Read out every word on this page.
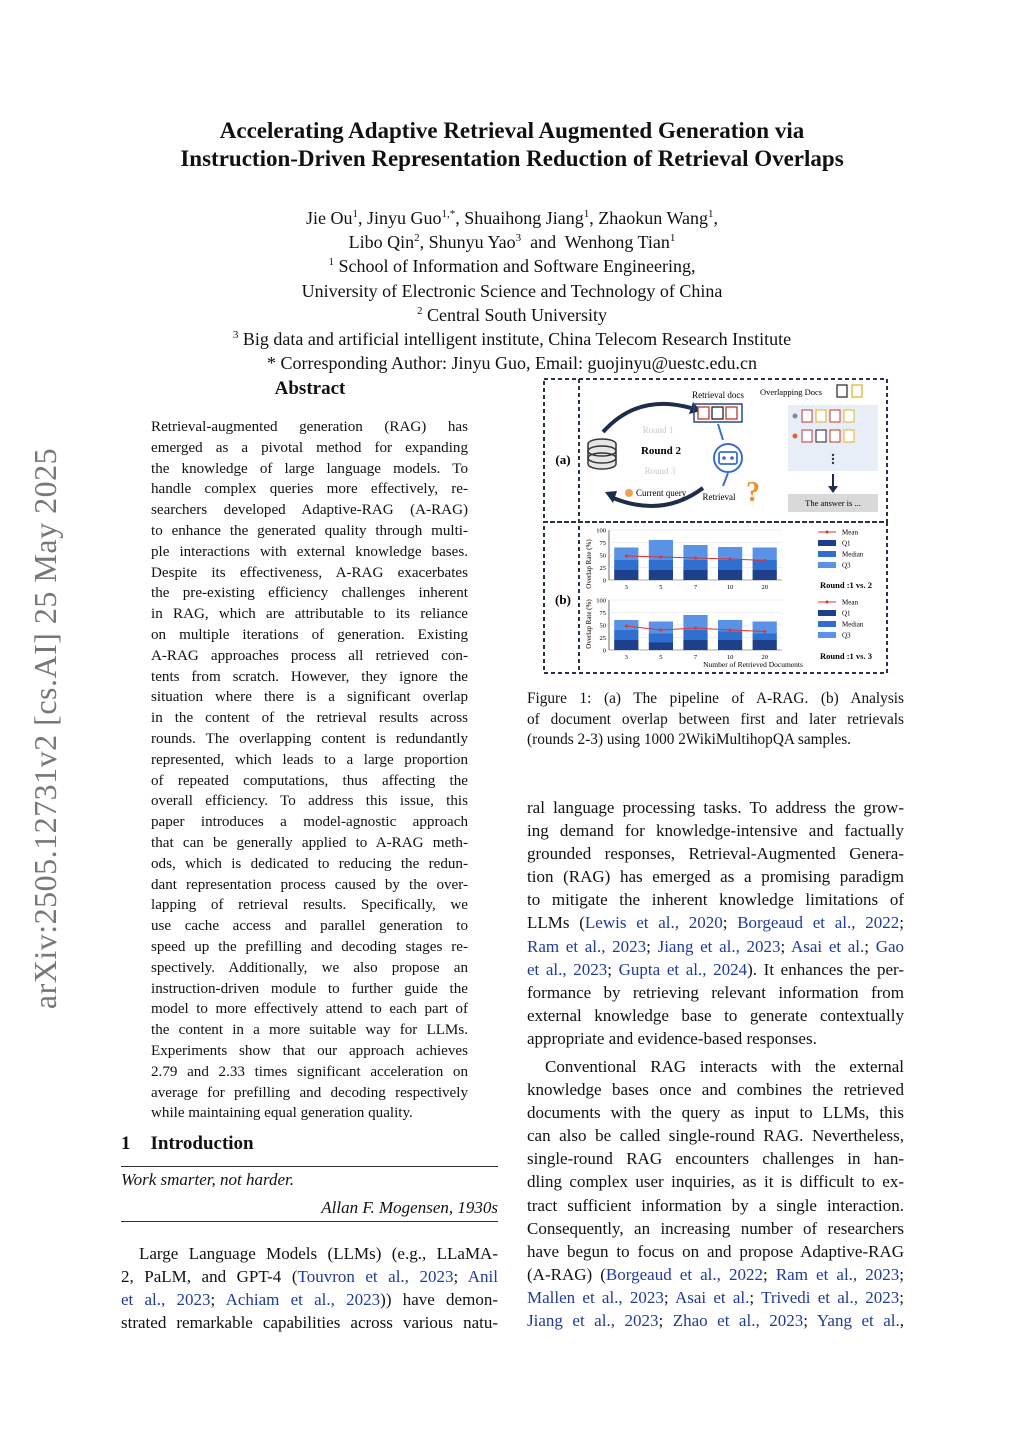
Accelerating Adaptive Retrieval Augmented Generation via
Instruction-Driven Representation Reduction of Retrieval Overlaps
Jie Ou$^1$, Jinyu Guo$^{1,*}$, Shuaihong Jiang$^1$, Zhaokun Wang$^1$,
Libo Qin$^2$, Shunyu Yao$^3$  and  Wenhong Tian$^1$
$^1$ School of Information and Software Engineering,
University of Electronic Science and Technology of China
$^2$ Central South University
$^3$ Big data and artificial intelligent institute, China Telecom Research Institute
* Corresponding Author: Jinyu Guo, Email: guojinyu@uestc.edu.cn
arXiv:2505.12731v2 [cs.AI] 25 May 2025
Abstract
Retrieval-augmented generation (RAG) has
emerged as a pivotal method for expanding
the knowledge of large language models. To
handle complex queries more effectively, re-
searchers developed Adaptive-RAG (A-RAG)
to enhance the generated quality through multi-
ple interactions with external knowledge bases.
Despite its effectiveness, A-RAG exacerbates
the pre-existing efficiency challenges inherent
in RAG, which are attributable to its reliance
on multiple iterations of generation. Existing
A-RAG approaches process all retrieved con-
tents from scratch. However, they ignore the
situation where there is a significant overlap
in the content of the retrieval results across
rounds. The overlapping content is redundantly
represented, which leads to a large proportion
of repeated computations, thus affecting the
overall efficiency. To address this issue, this
paper introduces a model-agnostic approach
that can be generally applied to A-RAG meth-
ods, which is dedicated to reducing the redun-
dant representation process caused by the over-
lapping of retrieval results. Specifically, we
use cache access and parallel generation to
speed up the prefilling and decoding stages re-
spectively. Additionally, we also propose an
instruction-driven module to further guide the
model to more effectively attend to each part of
the content in a more suitable way for LLMs.
Experiments show that our approach achieves
2.79 and 2.33 times significant acceleration on
average for prefilling and decoding respectively
while maintaining equal generation quality.
1 Introduction
Work smarter, not harder.
Allan F. Mogensen, 1930s
Large Language Models (LLMs) (e.g., LLaMA-
2, PaLM, and GPT-4 (Touvron et al., 2023; Anil
et al., 2023; Achiam et al., 2023)) have demon-
strated remarkable capabilities across various natu-
(a)
(b)
Round 1
Round 2
Round 3
Current query
Retrieval docs
Retrieval ?
Overlapping Docs
The answer is ...
Overlap Rate (%)
Overlap Rate (%)
0
25
50
75
100
3	5	7	10	20
0
25
50
75
100
3	5	7	10	20
Number of Retrieved Documents
Mean
Q1
Median
Q3
Mean
Q1
Median
Q3
Round :1 vs. 2
Round :1 vs. 3
Figure 1: (a) The pipeline of A-RAG. (b) Analysis
of document overlap between first and later retrievals
(rounds 2-3) using 1000 2WikiMultihopQA samples.
ral language processing tasks. To address the grow-
ing demand for knowledge-intensive and factually
grounded responses, Retrieval-Augmented Genera-
tion (RAG) has emerged as a promising paradigm
to mitigate the inherent knowledge limitations of
LLMs (Lewis et al., 2020; Borgeaud et al., 2022;
Ram et al., 2023; Jiang et al., 2023; Asai et al.; Gao
et al., 2023; Gupta et al., 2024). It enhances the per-
formance by retrieving relevant information from
external knowledge base to generate contextually
appropriate and evidence-based responses.
Conventional RAG interacts with the external
knowledge bases once and combines the retrieved
documents with the query as input to LLMs, this
can also be called single-round RAG. Nevertheless,
single-round RAG encounters challenges in han-
dling complex user inquiries, as it is difficult to ex-
tract sufficient information by a single interaction.
Consequently, an increasing number of researchers
have begun to focus on and propose Adaptive-RAG
(A-RAG) (Borgeaud et al., 2022; Ram et al., 2023;
Mallen et al., 2023; Asai et al.; Trivedi et al., 2023;
Jiang et al., 2023; Zhao et al., 2023; Yang et al.,
